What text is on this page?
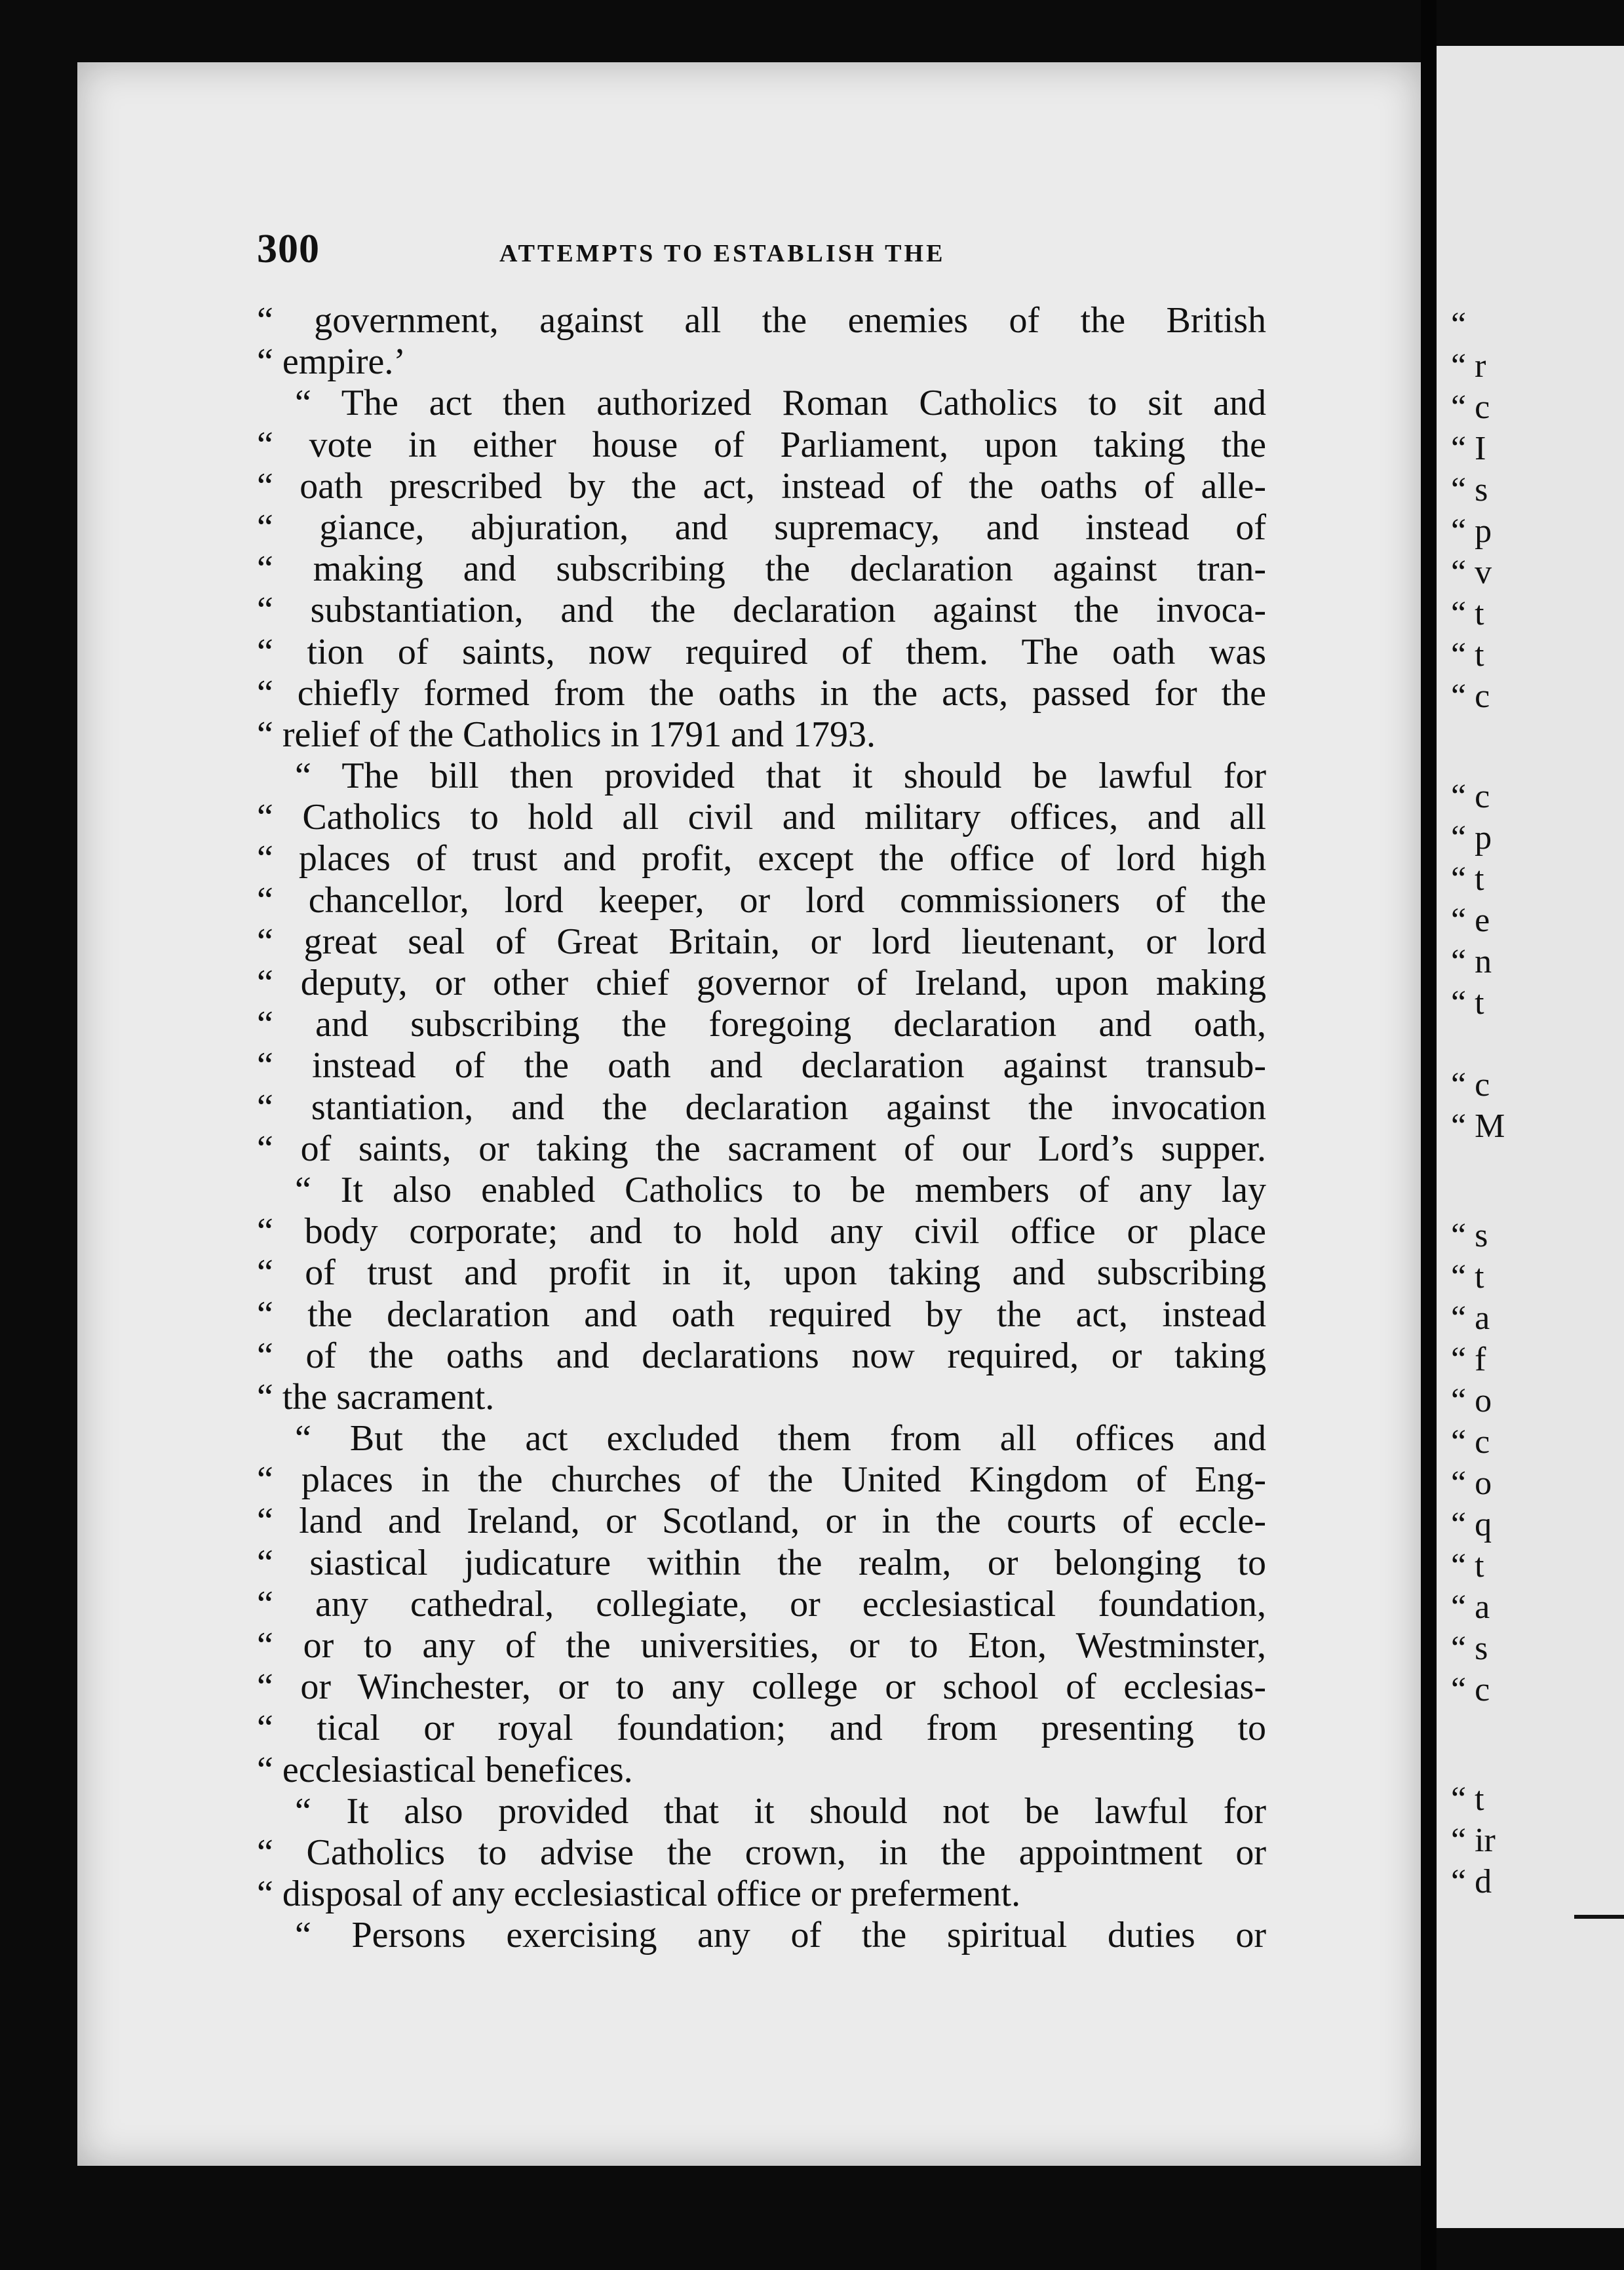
300	ATTEMPTS TO ESTABLISH THE
“ government, against all the enemies of the British
“ empire.’
“ The act then authorized Roman Catholics to sit and
“ vote in either house of Parliament, upon taking the
“ oath prescribed by the act, instead of the oaths of alle-
“ giance, abjuration, and supremacy, and instead of
“ making and subscribing the declaration against tran-
“ substantiation, and the declaration against the invoca-
“ tion of saints, now required of them. The oath was
“ chiefly formed from the oaths in the acts, passed for the
“ relief of the Catholics in 1791 and 1793.
“ The bill then provided that it should be lawful for
“ Catholics to hold all civil and military offices, and all
“ places of trust and profit, except the office of lord high
“ chancellor, lord keeper, or lord commissioners of the
“ great seal of Great Britain, or lord lieutenant, or lord
“ deputy, or other chief governor of Ireland, upon making
“ and subscribing the foregoing declaration and oath,
“ instead of the oath and declaration against transub-
“ stantiation, and the declaration against the invocation
“ of saints, or taking the sacrament of our Lord’s supper.
“ It also enabled Catholics to be members of any lay
“ body corporate; and to hold any civil office or place
“ of trust and profit in it, upon taking and subscribing
“ the declaration and oath required by the act, instead
“ of the oaths and declarations now required, or taking
“ the sacrament.
“ But the act excluded them from all offices and
“ places in the churches of the United Kingdom of Eng-
“ land and Ireland, or Scotland, or in the courts of eccle-
“ siastical judicature within the realm, or belonging to
“ any cathedral, collegiate, or ecclesiastical foundation,
“ or to any of the universities, or to Eton, Westminster,
“ or Winchester, or to any college or school of ecclesias-
“ tical or royal foundation; and from presenting to
“ ecclesiastical benefices.
“ It also provided that it should not be lawful for
“ Catholics to advise the crown, in the appointment or
“ disposal of any ecclesiastical office or preferment.
“ Persons exercising any of the spiritual duties or
“
“ r
“ c
“ I
“ s
“ p
“ v
“ t
“ t
“ c
“ c
“ p
“ t
“ e
“ n
“ t
“ c
“ M
“ s
“ t
“ a
“ f
“ o
“ c
“ o
“ q
“ t
“ a
“ s
“ c
“ t
“ ir
“ d
